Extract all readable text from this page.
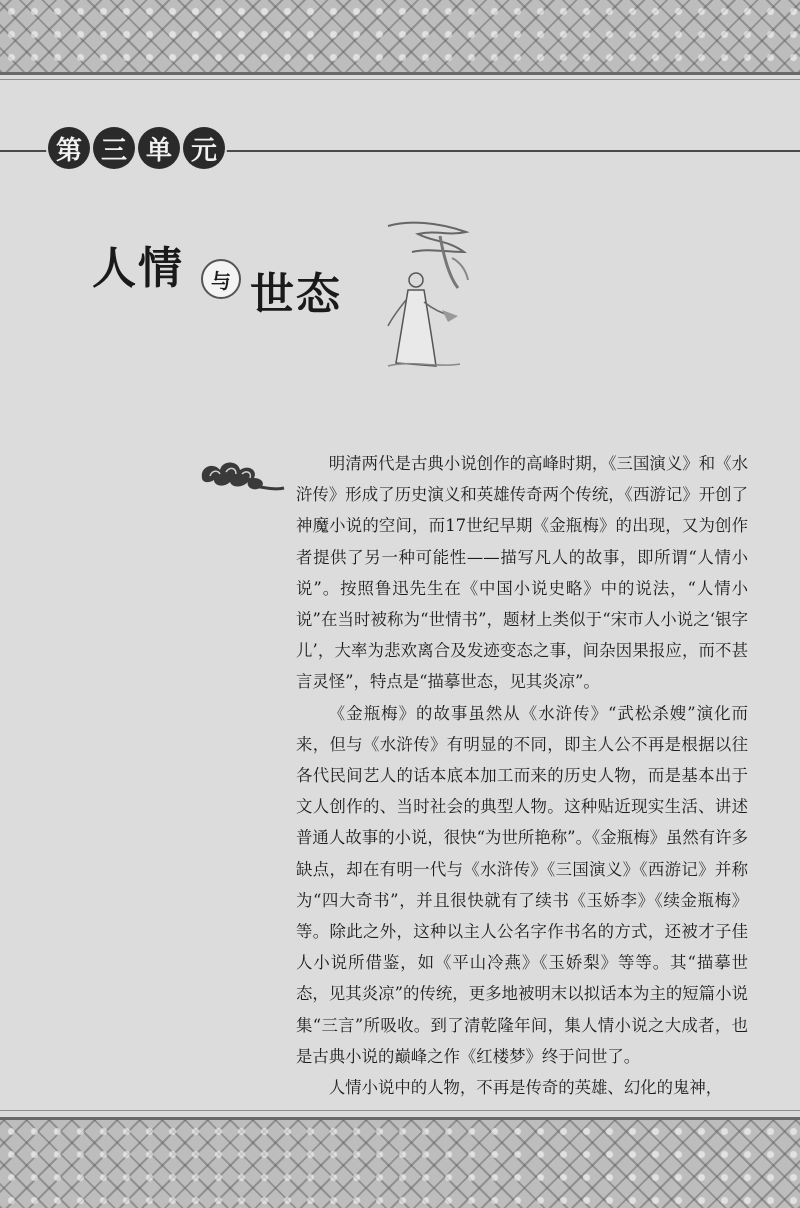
第 三 单 元
人情	与 世态

明清两代是古典小说创作的高峰时期，《三国演义》和《水浒传》形成了历史演义和英雄传奇两个传统，《西游记》开创了神魔小说的空间，而17世纪早期《金瓶梅》的出现，又为创作者提供了另一种可能性——描写凡人的故事，即所谓“人情小说”。按照鲁迅先生在《中国小说史略》中的说法，“人情小说”在当时被称为“世情书”，题材上类似于“宋市人小说之‘银字儿’，大率为悲欢离合及发迹变态之事，间杂因果报应，而不甚言灵怪”，特点是“描摹世态，见其炎凉”。

《金瓶梅》的故事虽然从《水浒传》“武松杀嫂”演化而来，但与《水浒传》有明显的不同，即主人公不再是根据以往各代民间艺人的话本底本加工而来的历史人物，而是基本出于文人创作的、当时社会的典型人物。这种贴近现实生活、讲述普通人故事的小说，很快“为世所艳称”。《金瓶梅》虽然有许多缺点，却在有明一代与《水浒传》《三国演义》《西游记》并称为“四大奇书”，并且很快就有了续书《玉娇李》《续金瓶梅》等。除此之外，这种以主人公名字作书名的方式，还被才子佳人小说所借鉴，如《平山冷燕》《玉娇梨》等等。其“描摹世态，见其炎凉”的传统，更多地被明末以拟话本为主的短篇小说集“三言”所吸收。到了清乾隆年间，集人情小说之大成者，也是古典小说的巅峰之作《红楼梦》终于问世了。

人情小说中的人物，不再是传奇的英雄、幻化的鬼神，
